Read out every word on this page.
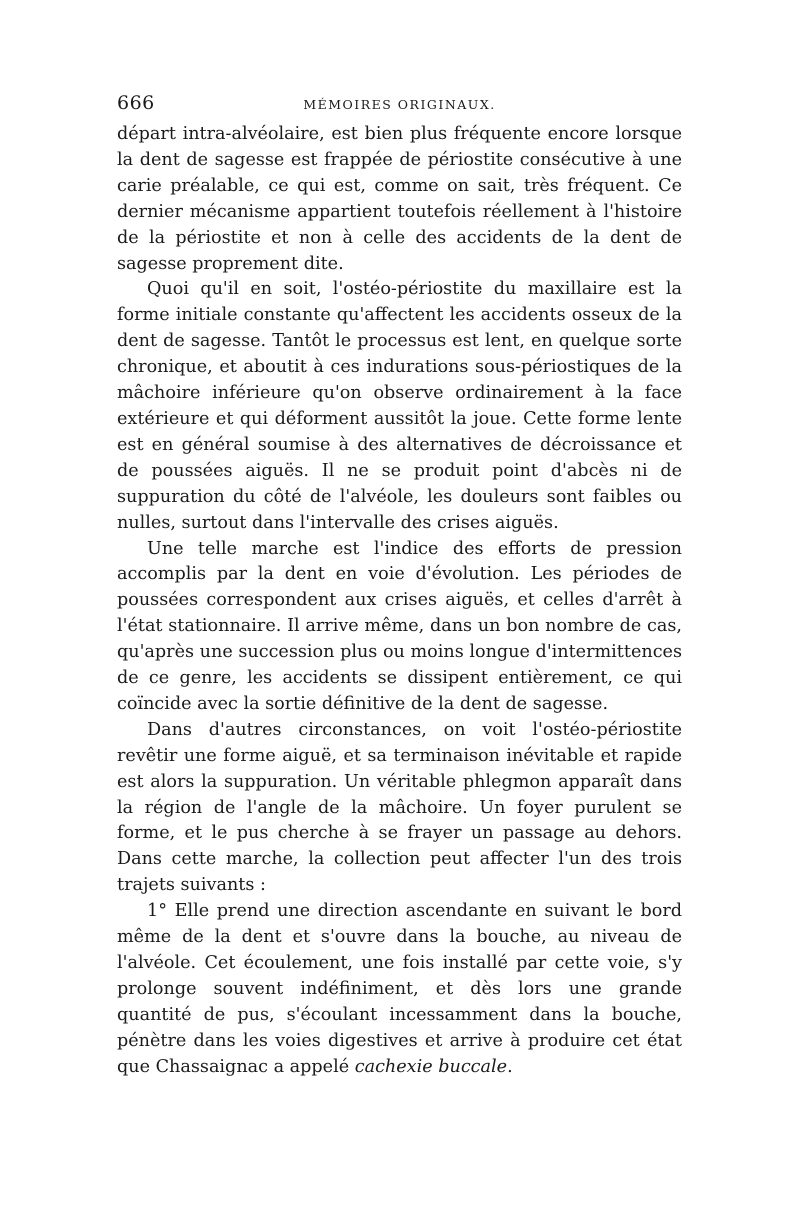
666	MÉMOIRES ORIGINAUX.

départ intra-alvéolaire, est bien plus fréquente encore lorsque la dent de sagesse est frappée de périostite consécutive à une carie préalable, ce qui est, comme on sait, très fréquent. Ce dernier mécanisme appartient toutefois réellement à l'histoire de la périostite et non à celle des accidents de la dent de sagesse proprement dite.

Quoi qu'il en soit, l'ostéo-périostite du maxillaire est la forme initiale constante qu'affectent les accidents osseux de la dent de sagesse. Tantôt le processus est lent, en quelque sorte chronique, et aboutit à ces indurations sous-périostiques de la mâchoire inférieure qu'on observe ordinairement à la face extérieure et qui déforment aussitôt la joue. Cette forme lente est en général soumise à des alternatives de décroissance et de poussées aiguës. Il ne se produit point d'abcès ni de suppuration du côté de l'alvéole, les douleurs sont faibles ou nulles, surtout dans l'intervalle des crises aiguës.

Une telle marche est l'indice des efforts de pression accomplis par la dent en voie d'évolution. Les périodes de poussées correspondent aux crises aiguës, et celles d'arrêt à l'état stationnaire. Il arrive même, dans un bon nombre de cas, qu'après une succession plus ou moins longue d'intermittences de ce genre, les accidents se dissipent entièrement, ce qui coïncide avec la sortie définitive de la dent de sagesse.

Dans d'autres circonstances, on voit l'ostéo-périostite revêtir une forme aiguë, et sa terminaison inévitable et rapide est alors la suppuration. Un véritable phlegmon apparaît dans la région de l'angle de la mâchoire. Un foyer purulent se forme, et le pus cherche à se frayer un passage au dehors. Dans cette marche, la collection peut affecter l'un des trois trajets suivants :

1° Elle prend une direction ascendante en suivant le bord même de la dent et s'ouvre dans la bouche, au niveau de l'alvéole. Cet écoulement, une fois installé par cette voie, s'y prolonge souvent indéfiniment, et dès lors une grande quantité de pus, s'écoulant incessamment dans la bouche, pénètre dans les voies digestives et arrive à produire cet état que Chassaignac a appelé cachexie buccale.
